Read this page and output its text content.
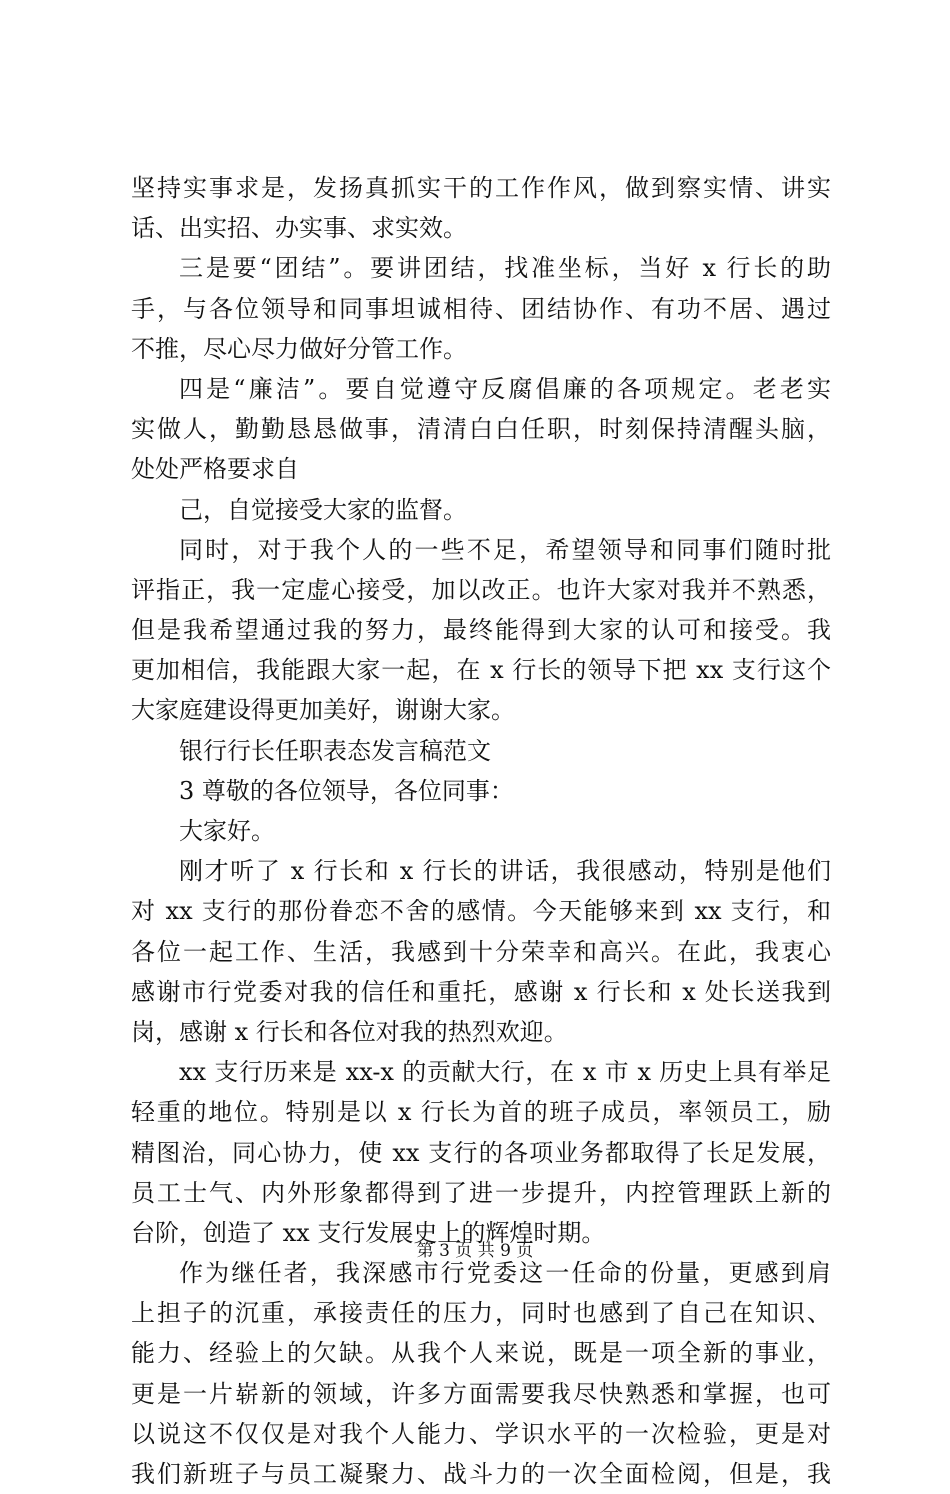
坚持实事求是，发扬真抓实干的工作作风，做到察实情、讲实
话、出实招、办实事、求实效。
三是要“团结”。要讲团结，找准坐标，当好 x 行长的助
手，与各位领导和同事坦诚相待、团结协作、有功不居、遇过
不推，尽心尽力做好分管工作。
四是“廉洁”。要自觉遵守反腐倡廉的各项规定。老老实
实做人，勤勤恳恳做事，清清白白任职，时刻保持清醒头脑，
处处严格要求自
己，自觉接受大家的监督。
同时，对于我个人的一些不足，希望领导和同事们随时批
评指正，我一定虚心接受，加以改正。也许大家对我并不熟悉，
但是我希望通过我的努力，最终能得到大家的认可和接受。我
更加相信，我能跟大家一起，在 x 行长的领导下把 xx 支行这个
大家庭建设得更加美好，谢谢大家。
银行行长任职表态发言稿范文
3 尊敬的各位领导，各位同事：
大家好。
刚才听了 x 行长和 x 行长的讲话，我很感动，特别是他们
对 xx 支行的那份眷恋不舍的感情。今天能够来到 xx 支行，和
各位一起工作、生活，我感到十分荣幸和高兴。在此，我衷心
感谢市行党委对我的信任和重托，感谢 x 行长和 x 处长送我到
岗，感谢 x 行长和各位对我的热烈欢迎。
xx 支行历来是 xx-x 的贡献大行，在 x 市 x 历史上具有举足
轻重的地位。特别是以 x 行长为首的班子成员，率领员工，励
精图治，同心协力，使 xx 支行的各项业务都取得了长足发展，
员工士气、内外形象都得到了进一步提升，内控管理跃上新的
台阶，创造了 xx 支行发展史上的辉煌时期。
作为继任者，我深感市行党委这一任命的份量，更感到肩
上担子的沉重，承接责任的压力，同时也感到了自己在知识、
能力、经验上的欠缺。从我个人来说，既是一项全新的事业，
更是一片崭新的领域，许多方面需要我尽快熟悉和掌握，也可
以说这不仅仅是对我个人能力、学识水平的一次检验，更是对
我们新班子与员工凝聚力、战斗力的一次全面检阅，但是，我
第 3 页 共 9 页
